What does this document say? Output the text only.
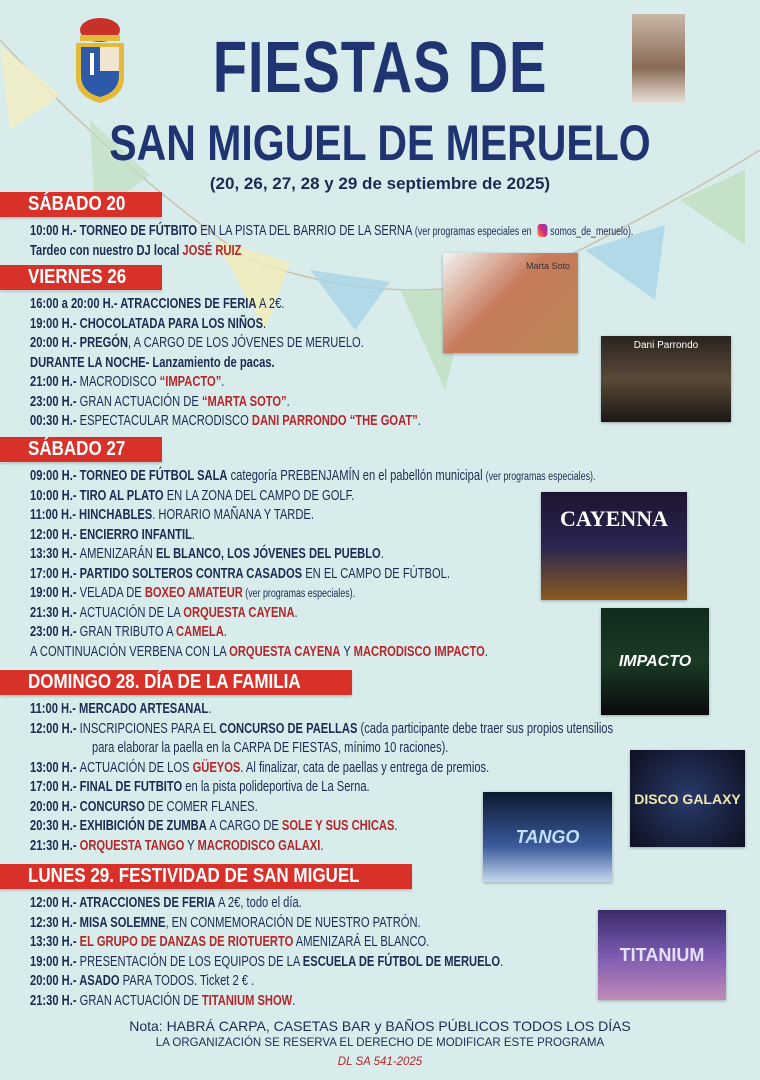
FIESTAS DE
SAN MIGUEL DE MERUELO
(20, 26, 27, 28 y 29 de septiembre de 2025)
SÁBADO 20
10:00 H.- TORNEO DE FÚTBITO EN LA PISTA DEL BARRIO DE LA SERNA (ver programas especiales en somos_de_meruelo).
Tardeo con nuestro DJ local JOSÉ RUIZ
VIERNES 26
16:00 a 20:00 H.- ATRACCIONES DE FERIA A 2€.
19:00 H.- CHOCOLATADA PARA LOS NIÑOS.
20:00 H.- PREGÓN, A CARGO DE LOS JÓVENES DE MERUELO.
DURANTE LA NOCHE- Lanzamiento de pacas.
21:00 H.- MACRODISCO “IMPACTO”.
23:00 H.- GRAN ACTUACIÓN DE “MARTA SOTO”.
00:30 H.- ESPECTACULAR MACRODISCO DANI PARRONDO “THE GOAT”.
SÁBADO 27
09:00 H.- TORNEO DE FÚTBOL SALA categoría PREBENJAMÍN en el pabellón municipal (ver programas especiales).
10:00 H.- TIRO AL PLATO EN LA ZONA DEL CAMPO DE GOLF.
11:00 H.- HINCHABLES. HORARIO MAÑANA Y TARDE.
12:00 H.- ENCIERRO INFANTIL.
13:30 H.- AMENIZARÁN EL BLANCO, LOS JÓVENES DEL PUEBLO.
17:00 H.- PARTIDO SOLTEROS CONTRA CASADOS EN EL CAMPO DE FÚTBOL.
19:00 H.- VELADA DE BOXEO AMATEUR (ver programas especiales).
21:30 H.- ACTUACIÓN DE LA ORQUESTA CAYENA.
23:00 H.- GRAN TRIBUTO A CAMELA.
A CONTINUACIÓN VERBENA CON LA ORQUESTA CAYENA Y MACRODISCO IMPACTO.
DOMINGO 28. DÍA DE LA FAMILIA
11:00 H.- MERCADO ARTESANAL.
12:00 H.- INSCRIPCIONES PARA EL CONCURSO DE PAELLAS (cada participante debe traer sus propios utensilios
para elaborar la paella en la CARPA DE FIESTAS, mínimo 10 raciones).
13:00 H.- ACTUACIÓN DE LOS GÜEYOS. Al finalizar, cata de paellas y entrega de premios.
17:00 H.- FINAL DE FUTBITO en la pista polideportiva de La Serna.
20:00 H.- CONCURSO DE COMER FLANES.
20:30 H.- EXHIBICIÓN DE ZUMBA A CARGO DE SOLE Y SUS CHICAS.
21:30 H.- ORQUESTA TANGO Y MACRODISCO GALAXI.
LUNES 29. FESTIVIDAD DE SAN MIGUEL
12:00 H.- ATRACCIONES DE FERIA A 2€, todo el día.
12:30 H.- MISA SOLEMNE, EN CONMEMORACIÓN DE NUESTRO PATRÓN.
13:30 H.- EL GRUPO DE DANZAS DE RIOTUERTO AMENIZARÁ EL BLANCO.
19:00 H.- PRESENTACIÓN DE LOS EQUIPOS DE LA ESCUELA DE FÚTBOL DE MERUELO.
20:00 H.- ASADO PARA TODOS. Ticket 2 € .
21:30 H.- GRAN ACTUACIÓN DE TITANIUM SHOW.
Marta Soto
Dani Parrondo
CAYENNA
IMPACTO
DISCO GALAXY
TANGO
TITANIUM
Nota: HABRÁ CARPA, CASETAS BAR y BAÑOS PÚBLICOS TODOS LOS DÍAS
LA ORGANIZACIÓN SE RESERVA EL DERECHO DE MODIFICAR ESTE PROGRAMA
DL SA 541-2025
